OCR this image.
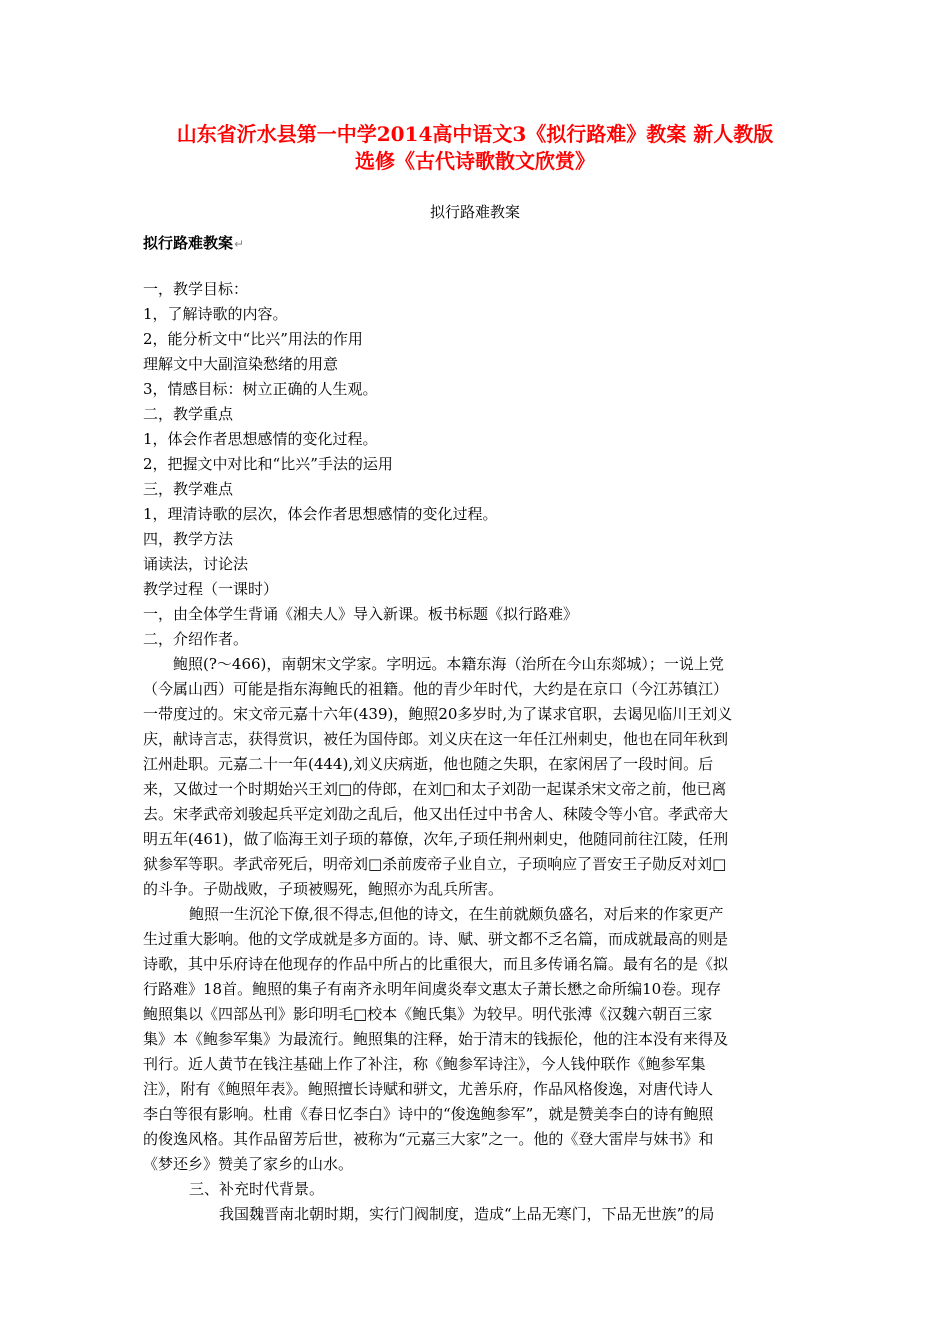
山东省沂水县第一中学2014高中语文3《拟行路难》教案 新人教版
选修《古代诗歌散文欣赏》
拟行路难教案
拟行路难教案↵
一，教学目标：
1，了解诗歌的内容。
2，能分析文中“比兴”用法的作用
理解文中大副渲染愁绪的用意
3，情感目标：树立正确的人生观。
二，教学重点
1，体会作者思想感情的变化过程。
2，把握文中对比和“比兴”手法的运用
三，教学难点
1，理清诗歌的层次，体会作者思想感情的变化过程。
四，教学方法
诵读法，讨论法
教学过程（一课时）
一，由全体学生背诵《湘夫人》导入新课。板书标题《拟行路难》
二，介绍作者。
鲍照(?～466)，南朝宋文学家。字明远。本籍东海（治所在今山东郯城）；一说上党
（今属山西）可能是指东海鲍氏的祖籍。他的青少年时代，大约是在京口（今江苏镇江）
一带度过的。宋文帝元嘉十六年(439)，鲍照20多岁时,为了谋求官职，去谒见临川王刘义
庆，献诗言志，获得赏识，被任为国侍郎。刘义庆在这一年任江州刺史，他也在同年秋到
江州赴职。元嘉二十一年(444),刘义庆病逝，他也随之失职，在家闲居了一段时间。后
来，又做过一个时期始兴王刘□的侍郎，在刘□和太子刘劭一起谋杀宋文帝之前，他已离
去。宋孝武帝刘骏起兵平定刘劭之乱后，他又出任过中书舍人、秣陵令等小官。孝武帝大
明五年(461)，做了临海王刘子顼的幕僚，次年,子顼任荆州刺史，他随同前往江陵，任刑
狱参军等职。孝武帝死后，明帝刘□杀前废帝子业自立，子顼响应了晋安王子勋反对刘□
的斗争。子勋战败，子顼被赐死，鲍照亦为乱兵所害。
鲍照一生沉沦下僚,很不得志,但他的诗文，在生前就颇负盛名，对后来的作家更产
生过重大影响。他的文学成就是多方面的。诗、赋、骈文都不乏名篇，而成就最高的则是
诗歌，其中乐府诗在他现存的作品中所占的比重很大，而且多传诵名篇。最有名的是《拟
行路难》18首。鲍照的集子有南齐永明年间虞炎奉文惠太子萧长懋之命所编10卷。现存
鲍照集以《四部丛刊》影印明毛□校本《鲍氏集》为较早。明代张溥《汉魏六朝百三家
集》本《鲍参军集》为最流行。鲍照集的注释，始于清末的钱振伦，他的注本没有来得及
刊行。近人黄节在钱注基础上作了补注，称《鲍参军诗注》，今人钱仲联作《鲍参军集
注》，附有《鲍照年表》。鲍照擅长诗赋和骈文，尤善乐府，作品风格俊逸，对唐代诗人
李白等很有影响。杜甫《春日忆李白》诗中的“俊逸鲍参军”，就是赞美李白的诗有鲍照
的俊逸风格。其作品留芳后世，被称为“元嘉三大家”之一。他的《登大雷岸与妹书》和
《梦还乡》赞美了家乡的山水。
三、补充时代背景。
我国魏晋南北朝时期，实行门阀制度，造成“上品无寒门，下品无世族”的局
